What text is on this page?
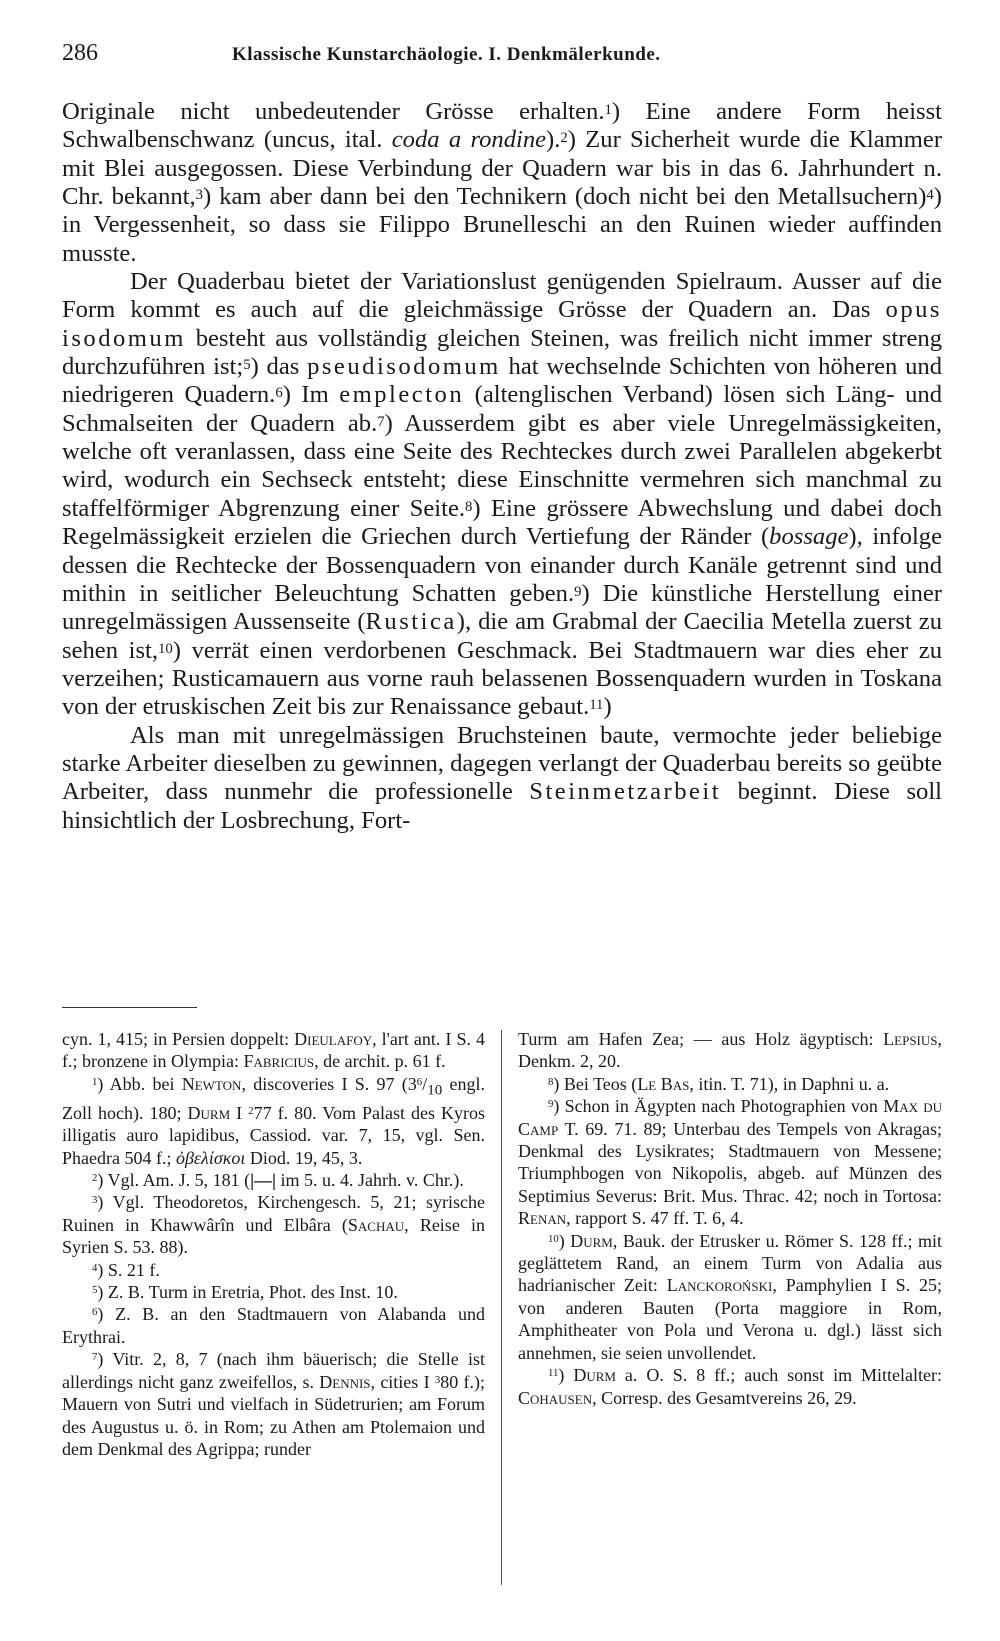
286	Klassische Kunstarchäologie. I. Denkmälerkunde.

Originale nicht unbedeutender Grösse erhalten.$^1$) Eine andere Form heisst Schwalbenschwanz (uncus, ital. coda a rondine).$^2$) Zur Sicherheit wurde die Klammer mit Blei ausgegossen. Diese Verbindung der Quadern war bis in das 6. Jahrhundert n. Chr. bekannt,$^3$) kam aber dann bei den Technikern (doch nicht bei den Metallsuchern)$^4$) in Vergessenheit, so dass sie Filippo Brunelleschi an den Ruinen wieder auffinden musste.

Der Quaderbau bietet der Variationslust genügenden Spielraum. Ausser auf die Form kommt es auch auf die gleichmässige Grösse der Quadern an. Das opus isodomum besteht aus vollständig gleichen Steinen, was freilich nicht immer streng durchzuführen ist;$^5$) das pseudisodomum hat wechselnde Schichten von höheren und niedrigeren Quadern.$^6$) Im emplecton (altenglischen Verband) lösen sich Läng- und Schmalseiten der Quadern ab.$^7$) Ausserdem gibt es aber viele Unregelmässigkeiten, welche oft veranlassen, dass eine Seite des Rechteckes durch zwei Parallelen abgekerbt wird, wodurch ein Sechseck entsteht; diese Einschnitte vermehren sich manchmal zu staffelförmiger Abgrenzung einer Seite.$^8$) Eine grössere Abwechslung und dabei doch Regelmässigkeit erzielen die Griechen durch Vertiefung der Ränder (bossage), infolge dessen die Rechtecke der Bossenquadern von einander durch Kanäle getrennt sind und mithin in seitlicher Beleuchtung Schatten geben.$^9$) Die künstliche Herstellung einer unregelmässigen Aussenseite (Rustica), die am Grabmal der Caecilia Metella zuerst zu sehen ist,$^{10}$) verrät einen verdorbenen Geschmack. Bei Stadtmauern war dies eher zu verzeihen; Rusticamauern aus vorne rauh belassenen Bossenquadern wurden in Toskana von der etruskischen Zeit bis zur Renaissance gebaut.$^{11}$)

Als man mit unregelmässigen Bruchsteinen baute, vermochte jeder beliebige starke Arbeiter dieselben zu gewinnen, dagegen verlangt der Quaderbau bereits so geübte Arbeiter, dass nunmehr die professionelle Steinmetzarbeit beginnt. Diese soll hinsichtlich der Losbrechung, Fort-

cyn. 1, 415; in Persien doppelt: Dieulafoy, l'art ant. I S. 4 f.; bronzene in Olympia: Fabricius, de archit. p. 61 f.

$^1$) Abb. bei Newton, discoveries I S. 97 ($3^6/_{10}$ engl. Zoll hoch). 180; Durm I $^2$77 f. 80. Vom Palast des Kyros illigatis auro lapidibus, Cassiod. var. 7, 15, vgl. Sen. Phaedra 504 f.; ὀβελίσκοι Diod. 19, 45, 3.

$^2$) Vgl. Am. J. 5, 181 (|—| im 5. u. 4. Jahrh. v. Chr.).

$^3$) Vgl. Theodoretos, Kirchengesch. 5, 21; syrische Ruinen in Khawwârîn und Elbâra (Sachau, Reise in Syrien S. 53. 88).

$^4$) S. 21 f.

$^5$) Z. B. Turm in Eretria, Phot. des Inst. 10.

$^6$) Z. B. an den Stadtmauern von Alabanda und Erythrai.

$^7$) Vitr. 2, 8, 7 (nach ihm bäuerisch; die Stelle ist allerdings nicht ganz zweifellos, s. Dennis, cities I $^3$80 f.); Mauern von Sutri und vielfach in Südetrurien; am Forum des Augustus u. ö. in Rom; zu Athen am Ptolemaion und dem Denkmal des Agrippa; runder

Turm am Hafen Zea; — aus Holz ägyptisch: Lepsius, Denkm. 2, 20.

$^8$) Bei Teos (Le Bas, itin. T. 71), in Daphni u. a.

$^9$) Schon in Ägypten nach Photographien von Max du Camp T. 69. 71. 89; Unterbau des Tempels von Akragas; Denkmal des Lysikrates; Stadtmauern von Messene; Triumphbogen von Nikopolis, abgeb. auf Münzen des Septimius Severus: Brit. Mus. Thrac. 42; noch in Tortosa: Renan, rapport S. 47 ff. T. 6, 4.

$^{10}$) Durm, Bauk. der Etrusker u. Römer S. 128 ff.; mit geglättetem Rand, an einem Turm von Adalia aus hadrianischer Zeit: Lanckoroński, Pamphylien I S. 25; von anderen Bauten (Porta maggiore in Rom, Amphitheater von Pola und Verona u. dgl.) lässt sich annehmen, sie seien unvollendet.

$^{11}$) Durm a. O. S. 8 ff.; auch sonst im Mittelalter: Cohausen, Corresp. des Gesamtvereins 26, 29.
